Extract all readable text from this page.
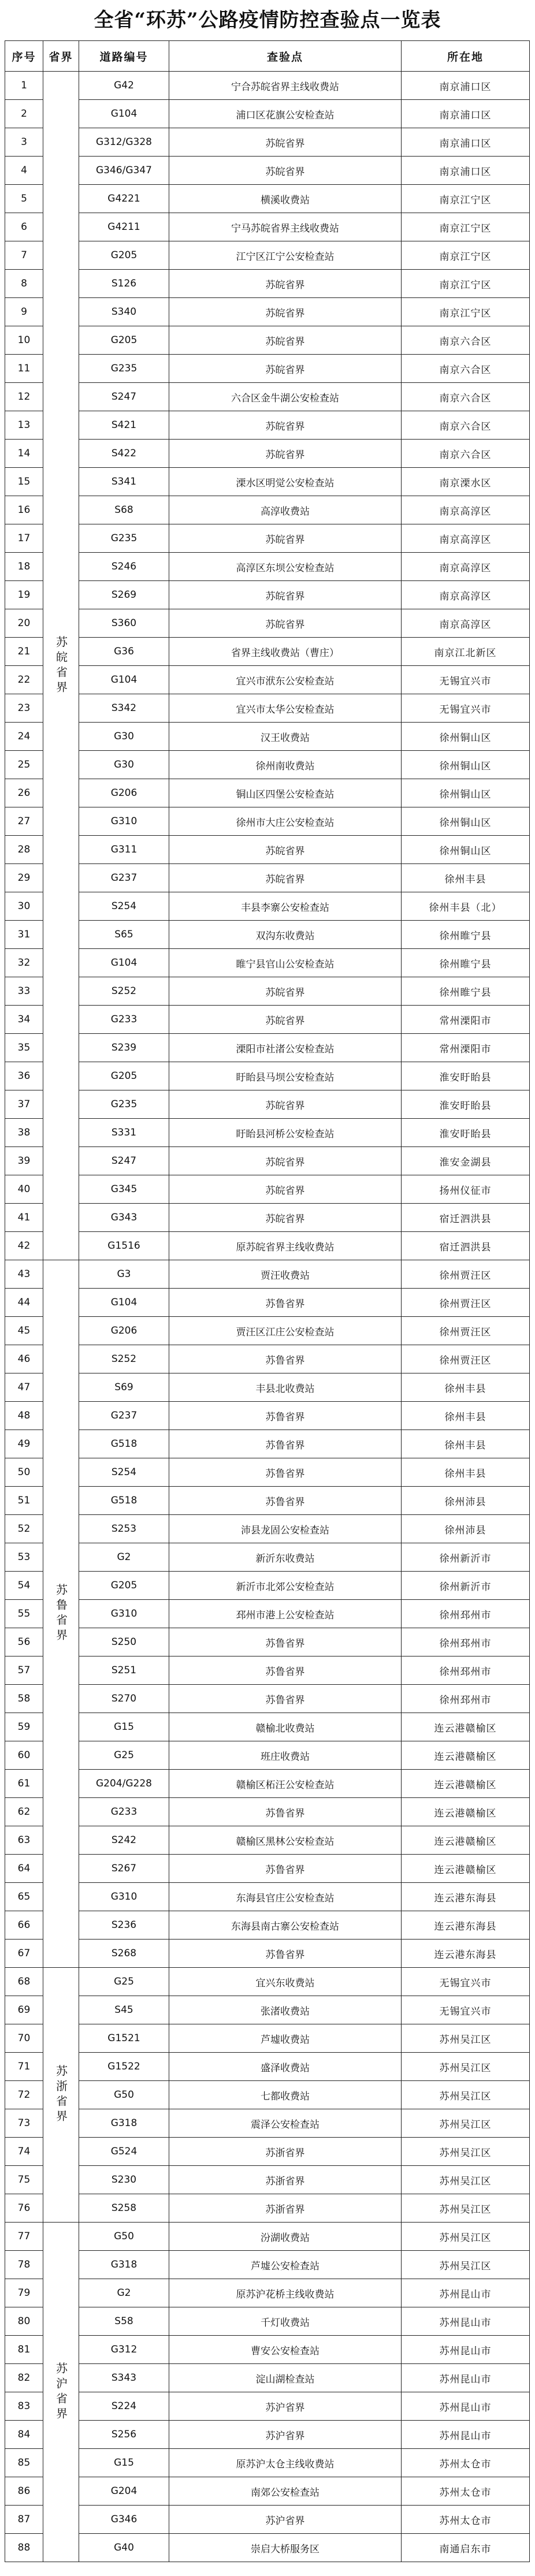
全省“环苏”公路疫情防控查验点一览表
序号	省界	道路编号	查验点	所在地
1	苏皖省界	G42	宁合苏皖省界主线收费站	南京浦口区
2		G104	浦口区花旗公安检查站	南京浦口区
3		G312/G328	苏皖省界	南京浦口区
4		G346/G347	苏皖省界	南京浦口区
5		G4221	横溪收费站	南京江宁区
6		G4211	宁马苏皖省界主线收费站	南京江宁区
7		G205	江宁区江宁公安检查站	南京江宁区
8		S126	苏皖省界	南京江宁区
9		S340	苏皖省界	南京江宁区
10		G205	苏皖省界	南京六合区
11		G235	苏皖省界	南京六合区
12		S247	六合区金牛湖公安检查站	南京六合区
13		S421	苏皖省界	南京六合区
14		S422	苏皖省界	南京六合区
15		S341	溧水区明觉公安检查站	南京溧水区
16		S68	高淳收费站	南京高淳区
17		G235	苏皖省界	南京高淳区
18		S246	高淳区东坝公安检查站	南京高淳区
19		S269	苏皖省界	南京高淳区
20		S360	苏皖省界	南京高淳区
21		G36	省界主线收费站（曹庄）	南京江北新区
22		G104	宜兴市洑东公安检查站	无锡宜兴市
23		S342	宜兴市太华公安检查站	无锡宜兴市
24		G30	汉王收费站	徐州铜山区
25		G30	徐州南收费站	徐州铜山区
26		G206	铜山区四堡公安检查站	徐州铜山区
27		G310	徐州市大庄公安检查站	徐州铜山区
28		G311	苏皖省界	徐州铜山区
29		G237	苏皖省界	徐州丰县
30		S254	丰县李寨公安检查站	徐州丰县（北）
31		S65	双沟东收费站	徐州睢宁县
32		G104	睢宁县官山公安检查站	徐州睢宁县
33		S252	苏皖省界	徐州睢宁县
34		G233	苏皖省界	常州溧阳市
35		S239	溧阳市社渚公安检查站	常州溧阳市
36		G205	盱眙县马坝公安检查站	淮安盱眙县
37		G235	苏皖省界	淮安盱眙县
38		S331	盱眙县河桥公安检查站	淮安盱眙县
39		S247	苏皖省界	淮安金湖县
40		G345	苏皖省界	扬州仪征市
41		G343	苏皖省界	宿迁泗洪县
42		G1516	原苏皖省界主线收费站	宿迁泗洪县
43	苏鲁省界	G3	贾汪收费站	徐州贾汪区
44		G104	苏鲁省界	徐州贾汪区
45		G206	贾汪区江庄公安检查站	徐州贾汪区
46		S252	苏鲁省界	徐州贾汪区
47		S69	丰县北收费站	徐州丰县
48		G237	苏鲁省界	徐州丰县
49		G518	苏鲁省界	徐州丰县
50		S254	苏鲁省界	徐州丰县
51		G518	苏鲁省界	徐州沛县
52		S253	沛县龙固公安检查站	徐州沛县
53		G2	新沂东收费站	徐州新沂市
54		G205	新沂市北郊公安检查站	徐州新沂市
55		G310	邳州市港上公安检查站	徐州邳州市
56		S250	苏鲁省界	徐州邳州市
57		S251	苏鲁省界	徐州邳州市
58		S270	苏鲁省界	徐州邳州市
59		G15	赣榆北收费站	连云港赣榆区
60		G25	班庄收费站	连云港赣榆区
61		G204/G228	赣榆区柘汪公安检查站	连云港赣榆区
62		G233	苏鲁省界	连云港赣榆区
63		S242	赣榆区黑林公安检查站	连云港赣榆区
64		S267	苏鲁省界	连云港赣榆区
65		G310	东海县官庄公安检查站	连云港东海县
66		S236	东海县南古寨公安检查站	连云港东海县
67		S268	苏鲁省界	连云港东海县
68	苏浙省界	G25	宜兴东收费站	无锡宜兴市
69		S45	张渚收费站	无锡宜兴市
70		G1521	芦墟收费站	苏州吴江区
71		G1522	盛泽收费站	苏州吴江区
72		G50	七都收费站	苏州吴江区
73		G318	震泽公安检查站	苏州吴江区
74		G524	苏浙省界	苏州吴江区
75		S230	苏浙省界	苏州吴江区
76		S258	苏浙省界	苏州吴江区
77	苏沪省界	G50	汾湖收费站	苏州吴江区
78		G318	芦墟公安检查站	苏州吴江区
79		G2	原苏沪花桥主线收费站	苏州昆山市
80		S58	千灯收费站	苏州昆山市
81		G312	曹安公安检查站	苏州昆山市
82		S343	淀山湖检查站	苏州昆山市
83		S224	苏沪省界	苏州昆山市
84		S256	苏沪省界	苏州昆山市
85		G15	原苏沪太仓主线收费站	苏州太仓市
86		G204	南郊公安检查站	苏州太仓市
87		G346	苏沪省界	苏州太仓市
88		G40	崇启大桥服务区	南通启东市
